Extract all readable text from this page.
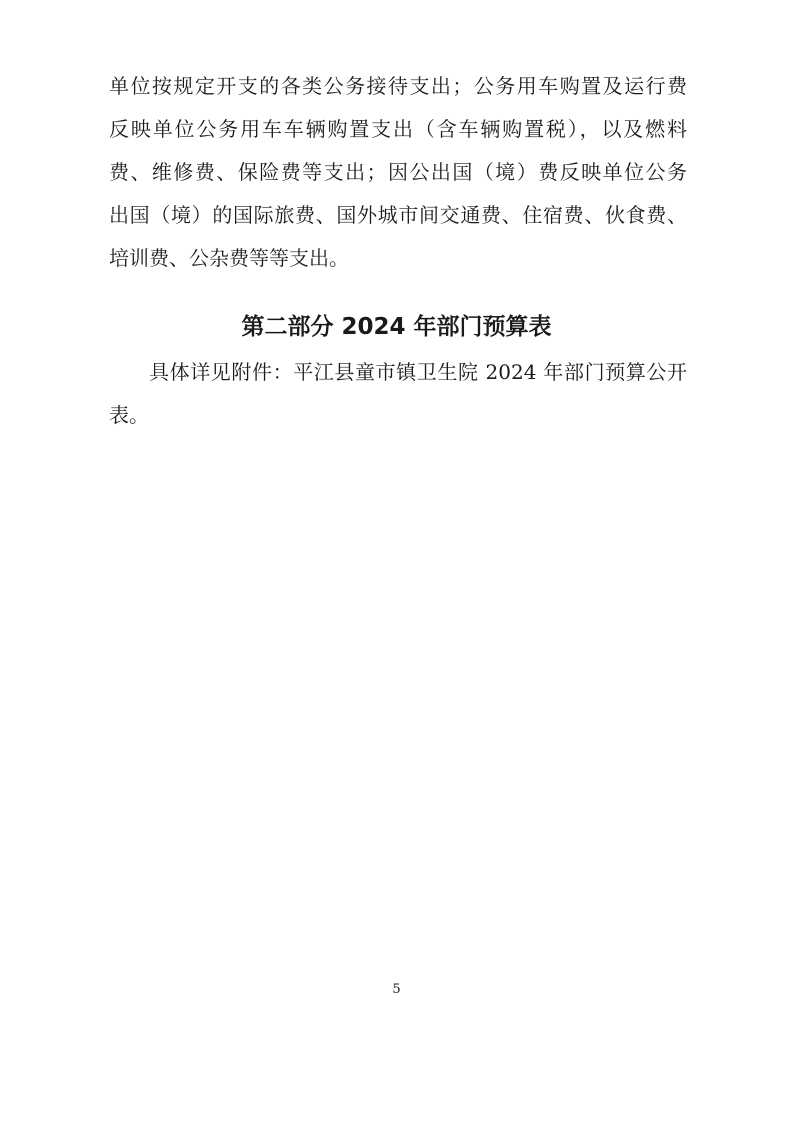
单位按规定开支的各类公务接待支出；公务用车购置及运行费
反映单位公务用车车辆购置支出（含车辆购置税），以及燃料
费、维修费、保险费等支出；因公出国（境）费反映单位公务
出国（境）的国际旅费、国外城市间交通费、住宿费、伙食费、
培训费、公杂费等等支出。
第二部分 2024 年部门预算表
具体详见附件：平江县童市镇卫生院 2024 年部门预算公开
表。
5
